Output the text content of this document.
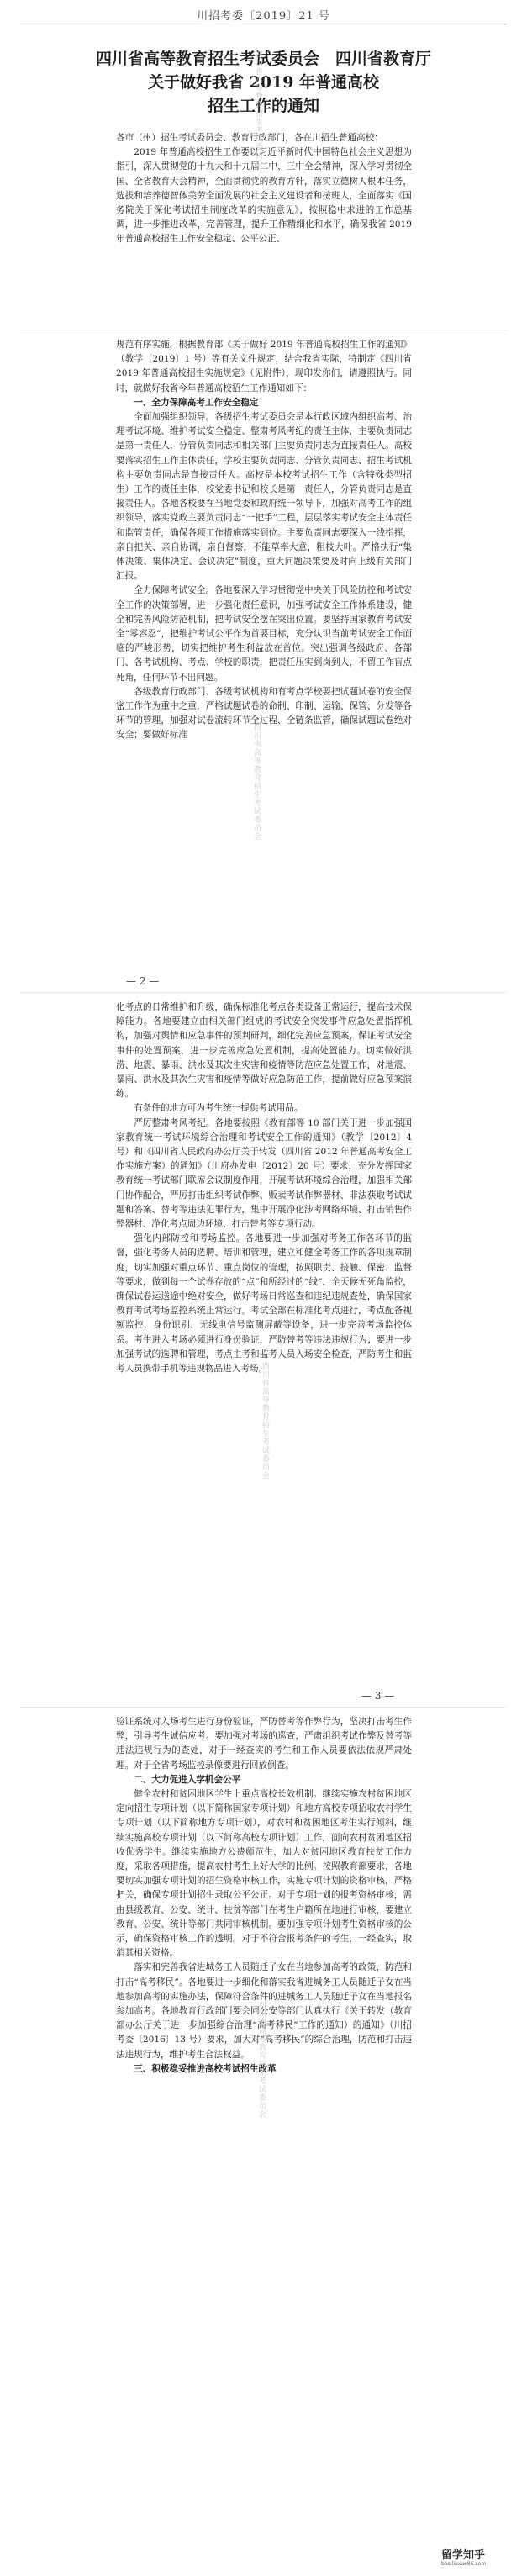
川招考委〔2019〕21 号
四川省高等教育招生考试委员会　四川省教育厅
关于做好我省 2019 年普通高校
招生工作的通知

各市（州）招生考试委员会、教育行政部门，各在川招生普通高校：

2019 年普通高校招生工作要以习近平新时代中国特色社会主义思想为指引，深入贯彻党的十九大和十九届二中、三中全会精神，深入学习贯彻全国、全省教育大会精神，全面贯彻党的教育方针，落实立德树人根本任务，选拔和培养德智体美劳全面发展的社会主义建设者和接班人，全面落实《国务院关于深化考试招生制度改革的实施意见》，按照稳中求进的工作总基调，进一步推进改革，完善管理，提升工作精细化和水平，确保我省 2019 年普通高校招生工作安全稳定、公平公正、

规范有序实施，根据教育部《关于做好 2019 年普通高校招生工作的通知》（教学〔2019〕1 号）等有关文件规定，结合我省实际，特制定《四川省 2019 年普通高校招生实施规定》（见附件），现印发你们，请遵照执行。同时，就做好我省今年普通高校招生工作通知如下：

一、全力保障高考工作安全稳定

全面加强组织领导。各级招生考试委员会是本行政区域内组织高考、治理考试环境、维护考试安全稳定、整肃考风考纪的责任主体，主要负责同志是第一责任人，分管负责同志和相关部门主要负责同志为直接责任人。高校要落实招生工作主体责任，学校主要负责同志、分管负责同志、招生考试机构主要负责同志是直接责任人。高校是本校考试招生工作（含特殊类型招生）工作的责任主体，校党委书记和校长是第一责任人，分管负责同志是直接责任人。各地各校要在当地党委和政府统一领导下，加强对高考工作的组织领导，落实党政主要负责同志“一把手”工程，层层落实考试安全主体责任和监管责任，确保各项工作措施落实到位。主要负责同志要深入一线指挥，亲自把关、亲自协调，亲自督察，不能草率大意，粗枝大叶。严格执行“集体决策、集体决定、会议决定”制度，重大问题决策要及时向上级有关部门汇报。

全力保障考试安全。各地要深入学习贯彻党中央关于风险防控和考试安全工作的决策部署，进一步强化责任意识，加强考试安全工作体系建设，健全和完善风险防范机制，把考试安全摆在突出位置。要坚持国家教育考试安全“零容忍”，把维护考试公平作为首要目标，充分认识当前考试安全工作面临的严峻形势，切实把维护考生利益放在首位。突出强调各级政府、各部门、各考试机构、考点、学校的职责，把责任压实到岗到人，不留工作盲点死角，任何环节不出问题。

各级教育行政部门、各级考试机构和有考点学校要把试题试卷的安全保密工作作为重中之重，严格试题试卷的命制、印制、运输、保管、分发等各环节的管理，加强对试卷流转环节全过程、全链条监管，确保试题试卷绝对安全；要做好标准

— 2 —

化考点的日常维护和升级，确保标准化考点各类设备正常运行，提高技术保障能力。各地要建立由相关部门组成的考试安全突发事件应急处置指挥机构，加强对舆情和应急事件的预判研判，细化完善应急预案，保证考试安全事件的处置预案，进一步完善应急处置机制，提高处置能力。切实做好洪涝、地震、暴雨、洪水及其次生灾害和疫情等防范应急处置工作，对地震、暴雨、洪水及其次生灾害和疫情等做好应急防范工作，提前做好应急预案演练。

有条件的地方可为考生统一提供考试用品。

严厉整肃考风考纪。各地要按照《教育部等 10 部门关于进一步加强国家教育统一考试环境综合治理和考试安全工作的通知》（教学〔2012〕4 号）和《四川省人民政府办公厅关于转发（四川省 2012 年普通高考安全工作实施方案）的通知》（川府办发电〔2012〕20 号）要求，充分发挥国家教育统一考试部门联席会议制度作用，开展考试环境综合治理，加强相关部门协作配合，严厉打击组织考试作弊、贩卖考试作弊器材、非法获取考试试题和答案、替考等违法犯罪行为，集中开展净化涉考网络环境、打击销售作弊器材、净化考点周边环境、打击替考等专项行动。

强化内部防控和考场监控。各地要进一步加强对考务工作各环节的监督，强化考务人员的选聘、培训和管理，建立和健全考务工作的各项规章制度，切实加强对重点环节、重点岗位的管理，按照职责、接触、保密、监督等要求，做到每一个试卷存放的“点”和所经过的“线”，全天候无死角监控，确保试卷运送途中绝对安全，做好考场日常巡查和违纪违规查处，确保国家教育考试考场监控系统正常运行。考试全部在标准化考点进行，考点配备视频监控、身份识别、无线电信号监测屏蔽等设备，进一步完善考场监控体系。考生进入考场必须进行身份验证，严防替考等违法违规行为；要进一步加强考试的选聘和管理，考点主考和监考人员入场安全检查，严防考生和监考人员携带手机等违规物品进入考场。

— 3 —

验证系统对入场考生进行身份验证，严防替考等作弊行为，坚决打击考生作弊，引导考生诚信应考。要加强对考场的巡查，严肃组织考试作弊及替考等违法违规行为的查处，对于一经查实的考生和工作人员要依法依规严肃处理。对于全省考场监控录像要进行回放倒查。

二、大力促进入学机会公平

健全农村和贫困地区学生上重点高校长效机制。继续实施农村贫困地区定向招生专项计划（以下简称国家专项计划）和地方高校专项招收农村学生专项计划（以下简称地方专项计划），对农村和贫困地区考生实行倾斜，继续实施高校专项计划（以下简称高校专项计划）工作，面向农村贫困地区招收优秀学生。继续实施地方公费师范生，加大对贫困地区教育扶贫工作力度，采取各项措施，提高农村考生上好大学的比例。按照教育部要求，各地要切实加强专项计划的招生资格审核工作，实施专项计划的资格审核，严格把关，确保专项计划招生录取公平公正。对于专项计划的报考资格审核，需由县级教育、公安、统计、扶贫等部门在考生户籍所在地进行审核，要建立教育、公安、统计等部门共同审核机制。要加强专项计划考生资格审核的公示，确保资格审核工作的透明。对于不符合报考条件的考生，一经查实，取消其相关资格。

落实和完善我省进城务工人员随迁子女在当地参加高考的政策，防范和打击“高考移民”。各地要进一步细化和落实我省进城务工人员随迁子女在当地参加高考的实施办法，保障符合条件的进城务工人员随迁子女在当地报名参加高考。各地教育行政部门要会同公安等部门认真执行《关于转发（教育部办公厅关于进一步加强综合治理“高考移民”工作的通知）的通知》（川招考委〔2016〕13 号）要求，加大对“高考移民”的综合治理，防范和打击违法违规行为，维护考生合法权益。

三、积极稳妥推进高校考试招生改革

四川省高等教育招生考试委员会
四川省高等教育招生考试委员会
四川省高等教育招生考试委员会
四川省高等教育招生考试委员会
留学知乎
bbs.liuxue86.com
